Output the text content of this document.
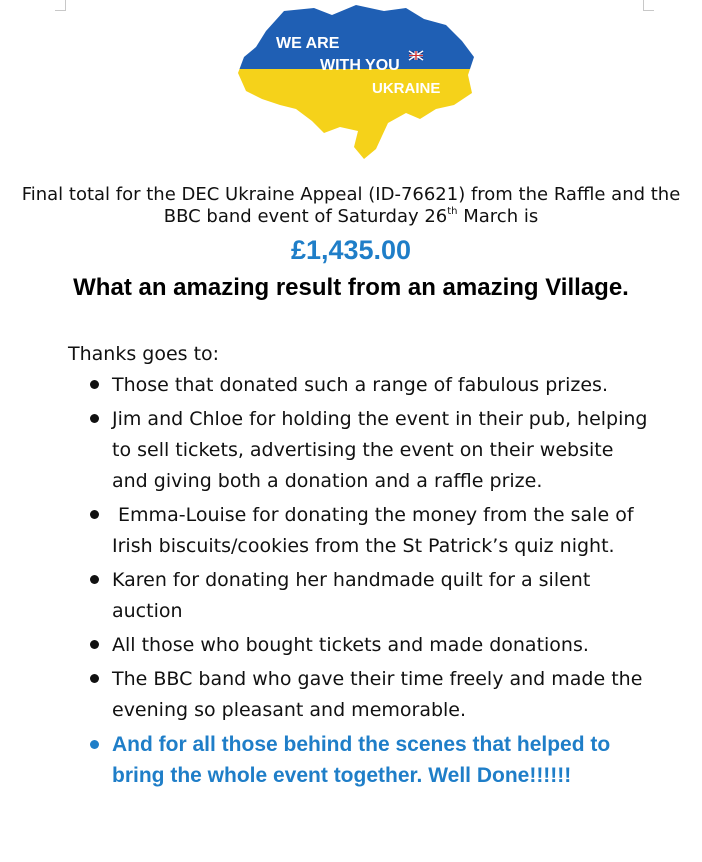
WE ARE
WITH YOU
UKRAINE
Final total for the DEC Ukraine Appeal (ID-76621) from the Raffle and the BBC band event of Saturday 26th March is
£1,435.00
What an amazing result from an amazing Village.
Thanks goes to:
Those that donated such a range of fabulous prizes.
Jim and Chloe for holding the event in their pub, helping to sell tickets, advertising the event on their website and giving both a donation and a raffle prize.
Emma-Louise for donating the money from the sale of Irish biscuits/cookies from the St Patrick’s quiz night.
Karen for donating her handmade quilt for a silent auction
All those who bought tickets and made donations.
The BBC band who gave their time freely and made the evening so pleasant and memorable.
And for all those behind the scenes that helped to bring the whole event together. Well Done!!!!!!
